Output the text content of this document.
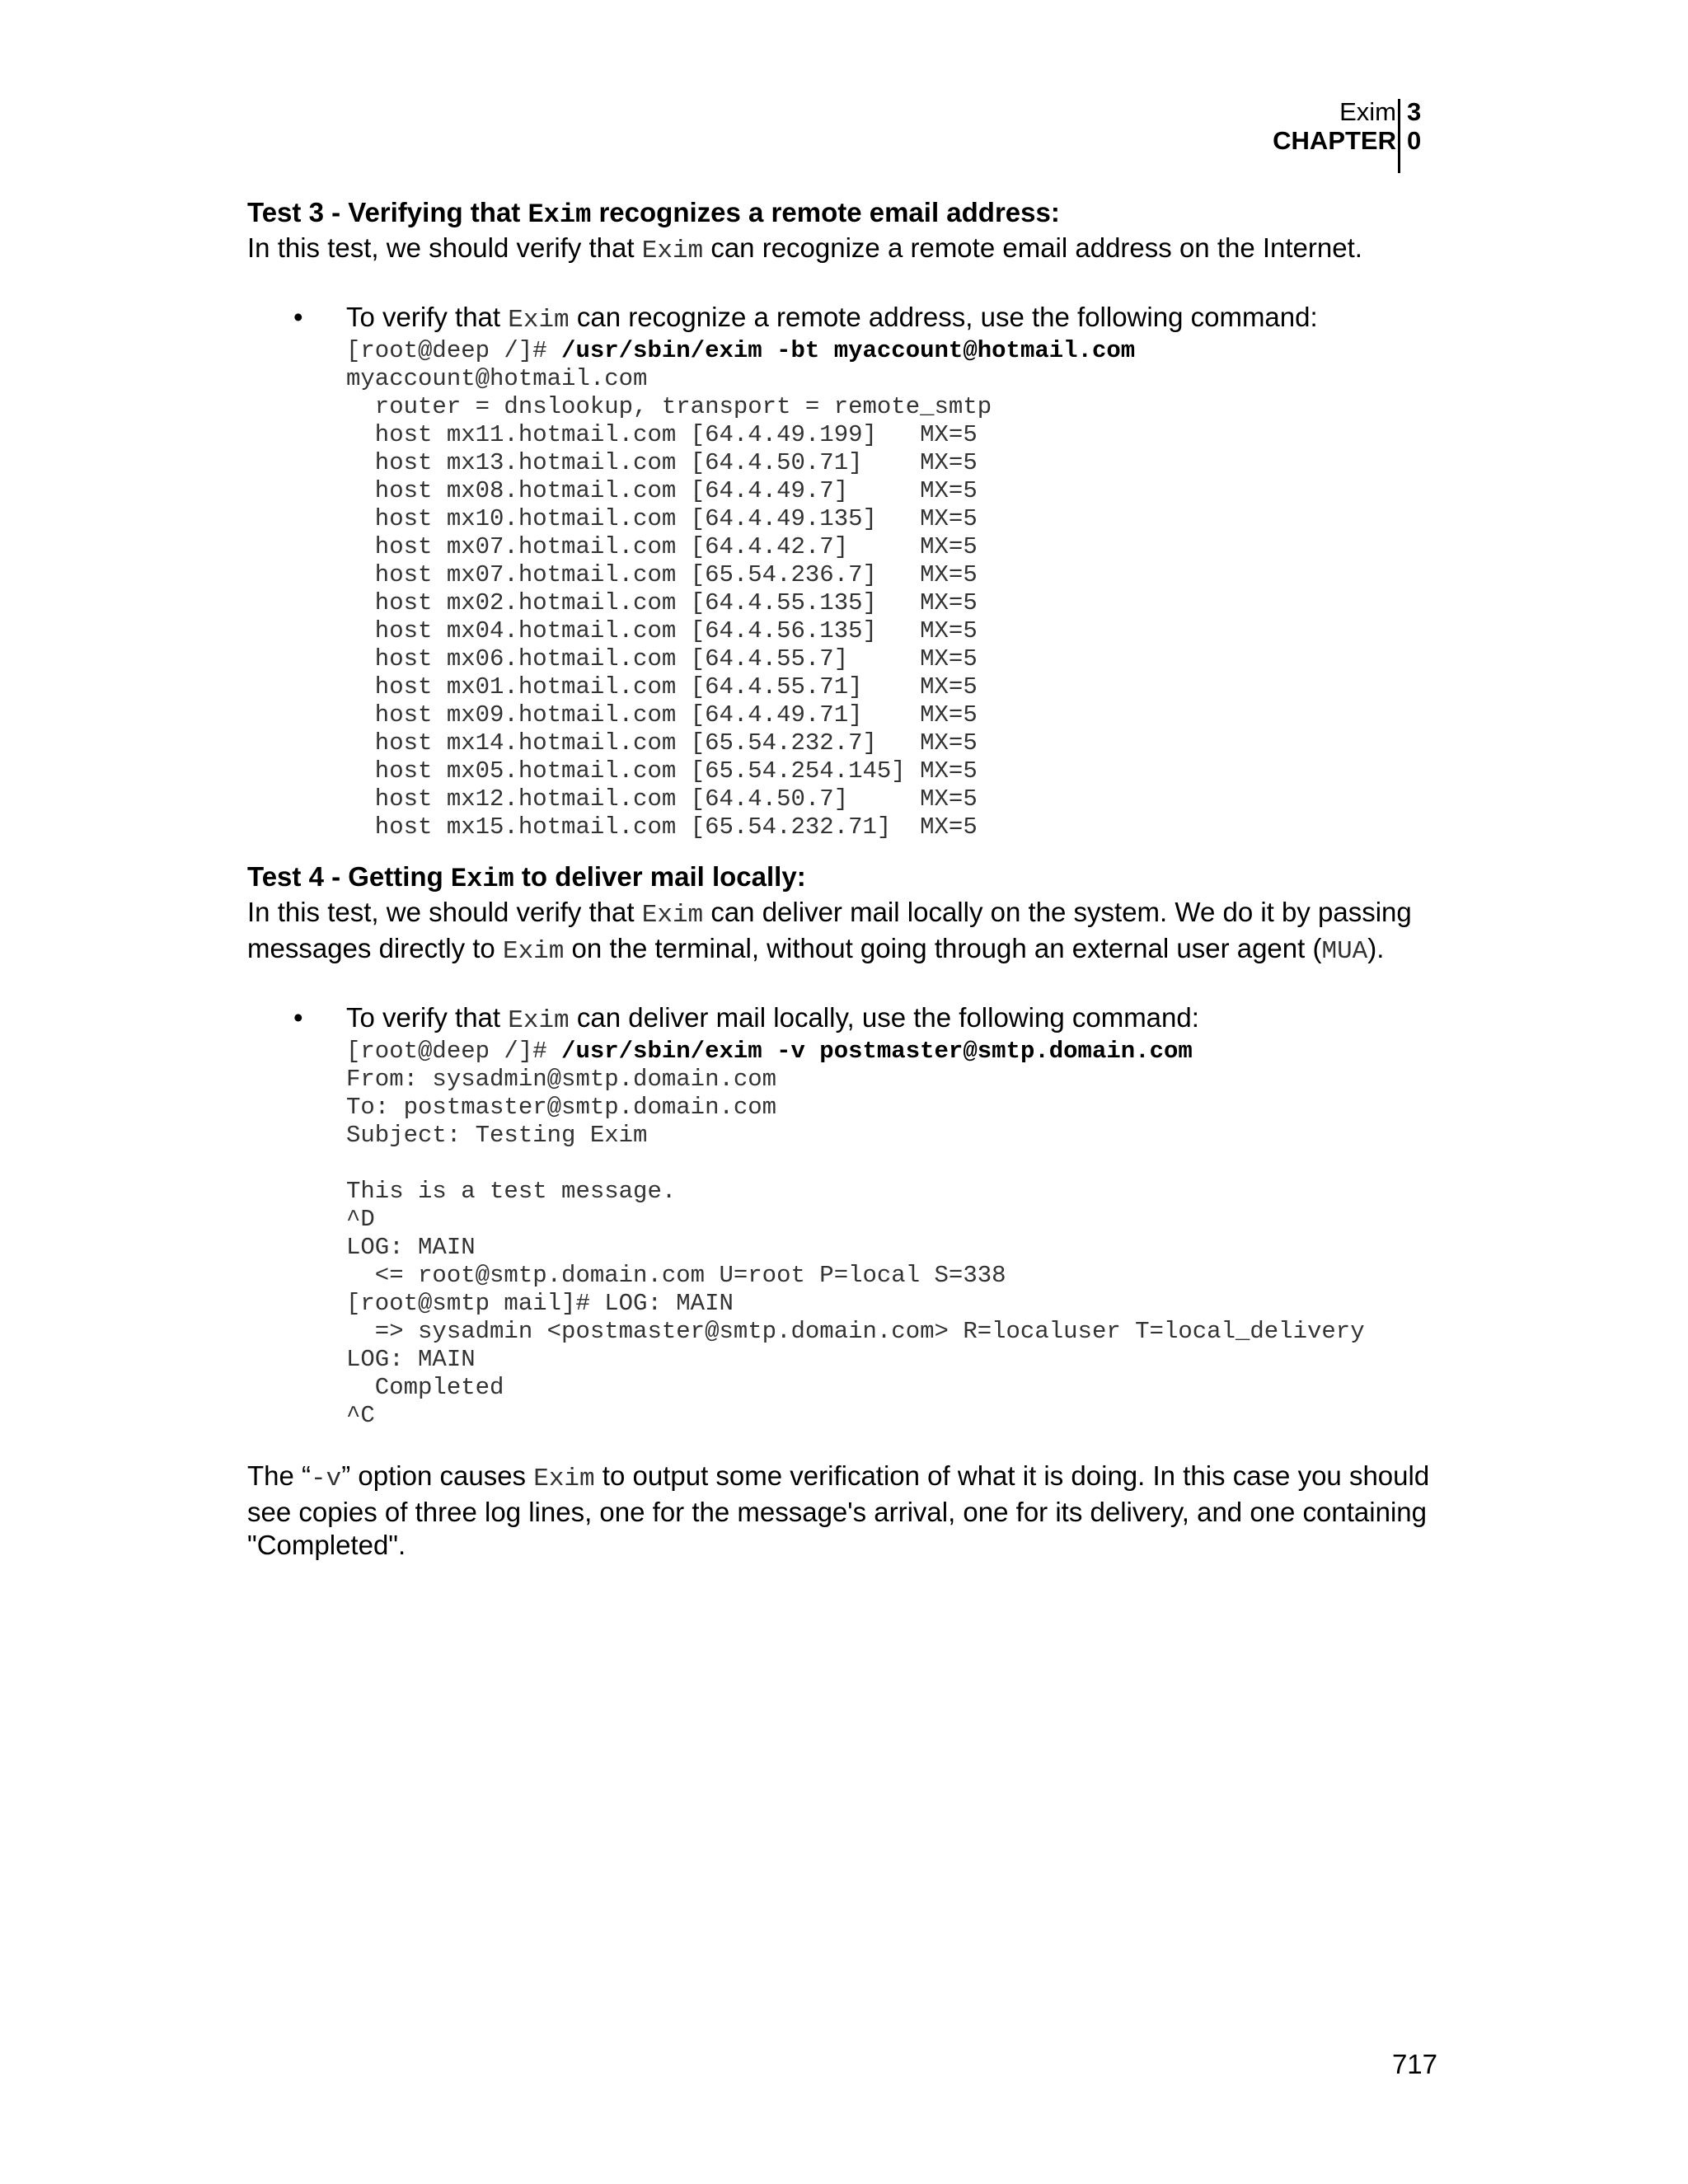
Exim
CHAPTER
3
0

Test 3 - Verifying that Exim recognizes a remote email address:

In this test, we should verify that Exim can recognize a remote email address on the Internet.

• To verify that Exim can recognize a remote address, use the following command:

[root@deep /]# /usr/sbin/exim -bt myaccount@hotmail.com
myaccount@hotmail.com
router = dnslookup, transport = remote_smtp
host mx11.hotmail.com [64.4.49.199]   MX=5
host mx13.hotmail.com [64.4.50.71]    MX=5
host mx08.hotmail.com [64.4.49.7]     MX=5
host mx10.hotmail.com [64.4.49.135]   MX=5
host mx07.hotmail.com [64.4.42.7]     MX=5
host mx07.hotmail.com [65.54.236.7]   MX=5
host mx02.hotmail.com [64.4.55.135]   MX=5
host mx04.hotmail.com [64.4.56.135]   MX=5
host mx06.hotmail.com [64.4.55.7]     MX=5
host mx01.hotmail.com [64.4.55.71]    MX=5
host mx09.hotmail.com [64.4.49.71]    MX=5
host mx14.hotmail.com [65.54.232.7]   MX=5
host mx05.hotmail.com [65.54.254.145] MX=5
host mx12.hotmail.com [64.4.50.7]     MX=5
host mx15.hotmail.com [65.54.232.71]  MX=5

Test 4 - Getting Exim to deliver mail locally:

In this test, we should verify that Exim can deliver mail locally on the system. We do it by passing messages directly to Exim on the terminal, without going through an external user agent (MUA).

• To verify that Exim can deliver mail locally, use the following command:

[root@deep /]# /usr/sbin/exim -v postmaster@smtp.domain.com
From: sysadmin@smtp.domain.com
To: postmaster@smtp.domain.com
Subject: Testing Exim

This is a test message.
^D
LOG: MAIN
<= root@smtp.domain.com U=root P=local S=338
[root@smtp mail]# LOG: MAIN
=> sysadmin <postmaster@smtp.domain.com> R=localuser T=local_delivery
LOG: MAIN
Completed
^C

The “-v” option causes Exim to output some verification of what it is doing. In this case you should see copies of three log lines, one for the message's arrival, one for its delivery, and one containing "Completed".

717
